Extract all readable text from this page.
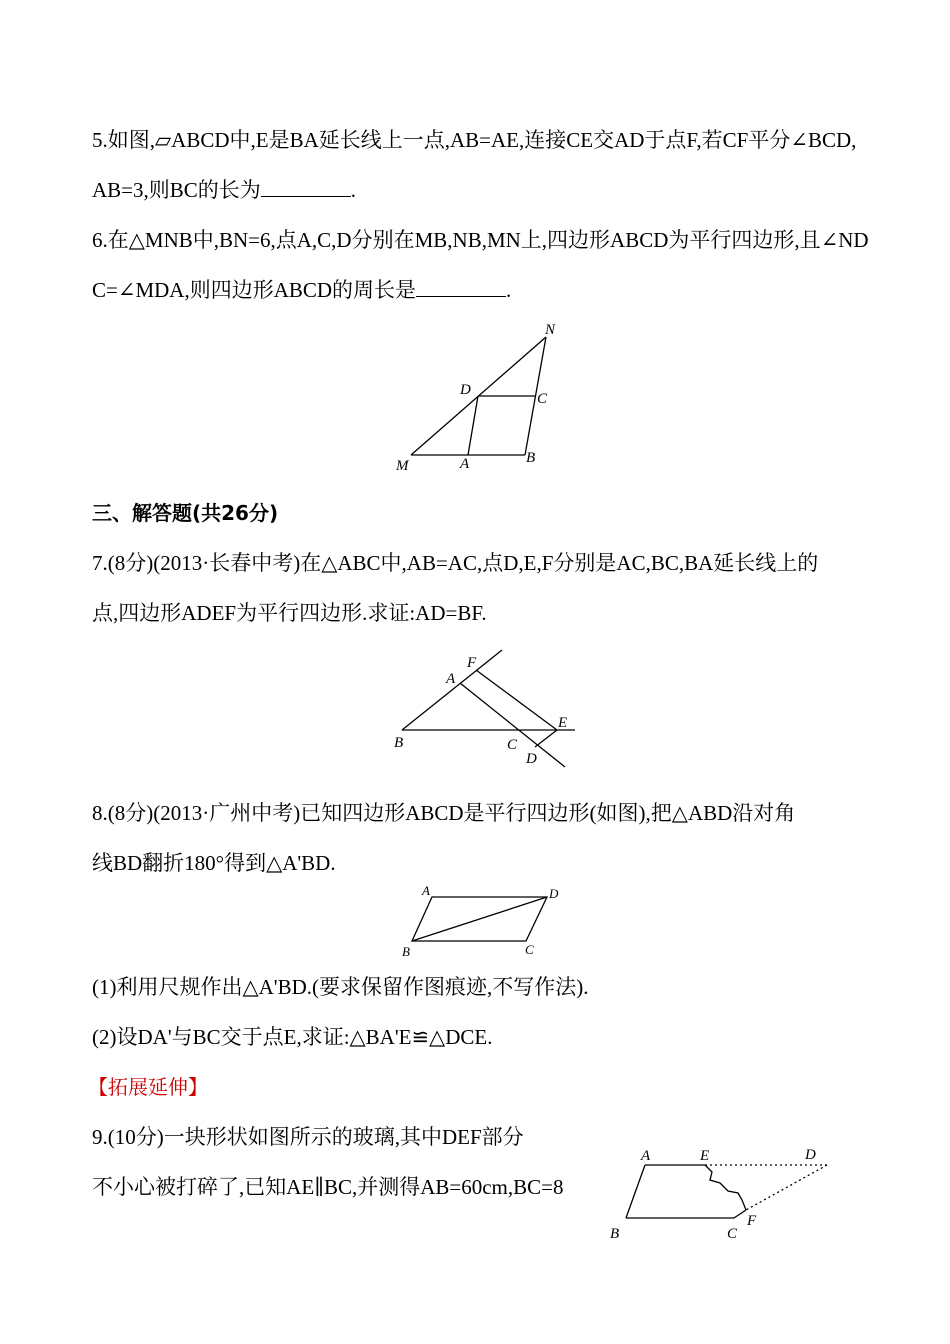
5.如图,▱ABCD中,E是BA延长线上一点,AB=AE,连接CE交AD于点F,若CF平分∠BCD,
AB=3,则BC的长为	.
6.在△MNB中,BN=6,点A,C,D分别在MB,NB,MN上,四边形ABCD为平行四边形,且∠ND
C=∠MDA,则四边形ABCD的周长是	.
N
D
C
M	A	B
三、解答题(共26分)
7.(8分)(2013·长春中考)在△ABC中,AB=AC,点D,E,F分别是AC,BC,BA延长线上的
点,四边形ADEF为平行四边形.求证:AD=BF.
F
A
E
B	C
D
8.(8分)(2013·广州中考)已知四边形ABCD是平行四边形(如图),把△ABD沿对角
线BD翻折180°得到△A'BD.
A	D
B	C
(1)利用尺规作出△A'BD.(要求保留作图痕迹,不写作法).
(2)设DA'与BC交于点E,求证:△BA'E≌△DCE.
【拓展延伸】
9.(10分)一块形状如图所示的玻璃,其中DEF部分
不小心被打碎了,已知AE∥BC,并测得AB=60cm,BC=8
A	E	D
B	C
F
